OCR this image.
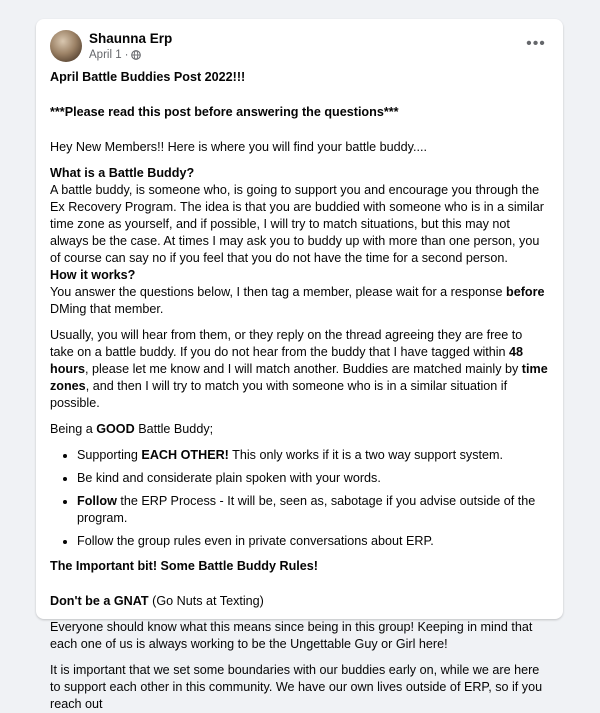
Shaunna Erp
April 1 ·
•••

April Battle Buddies Post 2022!!!

***Please read this post before answering the questions***

Hey New Members!! Here is where you will find your battle buddy....

What is a Battle Buddy?

A battle buddy, is someone who, is going to support you and encourage you through the Ex Recovery Program. The idea is that you are buddied with someone who is in a similar time zone as yourself, and if possible, I will try to match situations, but this may not always be the case. At times I may ask you to buddy up with more than one person, you of course can say no if you feel that you do not have the time for a second person.

How it works?

You answer the questions below, I then tag a member, please wait for a response before DMing that member.

Usually, you will hear from them, or they reply on the thread agreeing they are free to take on a battle buddy. If you do not hear from the buddy that I have tagged within 48 hours, please let me know and I will match another. Buddies are matched mainly by time zones, and then I will try to match you with someone who is in a similar situation if possible.

Being a GOOD Battle Buddy;

• Supporting EACH OTHER! This only works if it is a two way support system.
• Be kind and considerate plain spoken with your words.
• Follow the ERP Process - It will be, seen as, sabotage if you advise outside of the program.
• Follow the group rules even in private conversations about ERP.

The Important bit! Some Battle Buddy Rules!

Don't be a GNAT (Go Nuts at Texting)

Everyone should know what this means since being in this group! Keeping in mind that each one of us is always working to be the Ungettable Guy or Girl here!

It is important that we set some boundaries with our buddies early on, while we are here to support each other in this community. We have our own lives outside of ERP, so if you reach out
